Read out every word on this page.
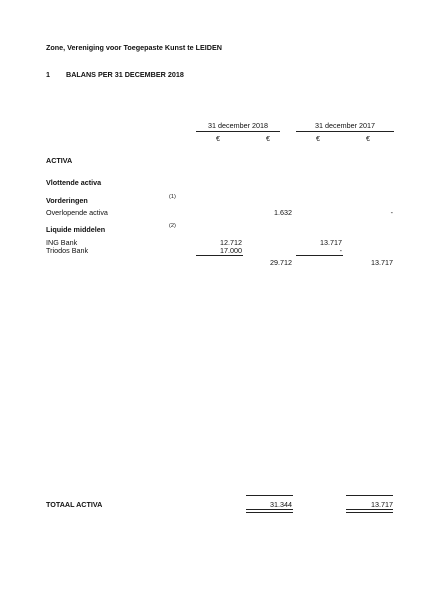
Zone, Vereniging voor Toegepaste Kunst te LEIDEN
1 BALANS PER 31 DECEMBER 2018
31 december 2018	31 december 2017
€	€	€	€
ACTIVA
Vlottende activa
Vorderingen	(1)
Overlopende activa	1.632	-
Liquide middelen	(2)
ING Bank	12.712	13.717
Triodos Bank	17.000	-
29.712	13.717
TOTAAL ACTIVA	31.344	13.717
